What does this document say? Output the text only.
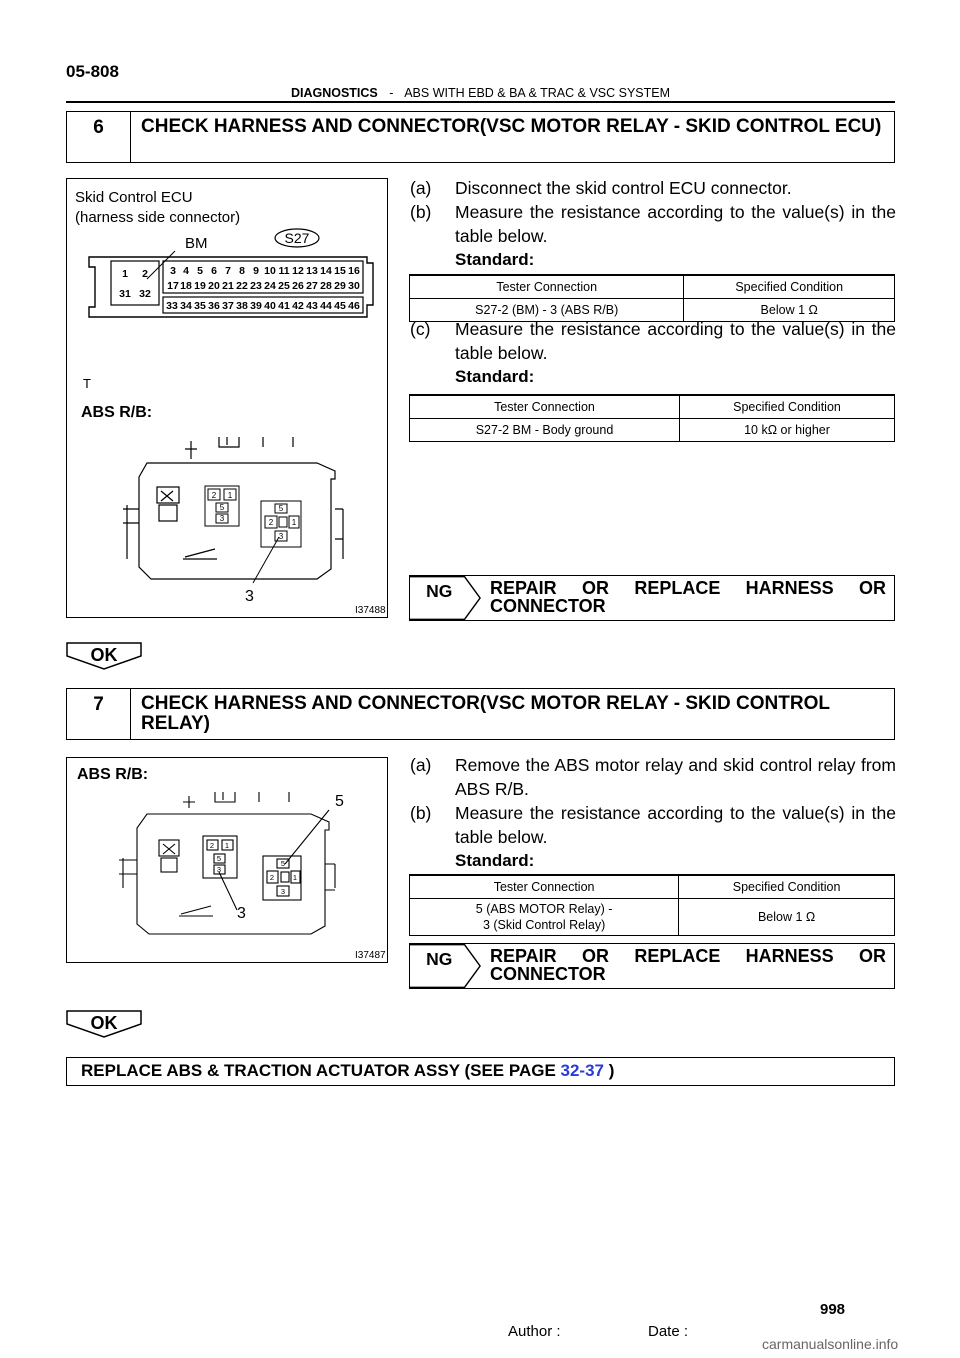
05-808
DIAGNOSTICS - ABS WITH EBD & BA & TRAC & VSC SYSTEM
6	CHECK HARNESS AND CONNECTOR(VSC MOTOR RELAY - SKID CONTROL ECU)
Skid Control ECU
(harness side connector)
BM	S27
1 2
31 32
3 4 5 6 7 8 9 10 11 12 13 14 15 16
17 18 19 20 21 22 23 24 25 26 27 28 29 30
33 34 35 36 37 38 39 40 41 42 43 44 45 46
T
ABS R/B:
2 1
5
3
5
2 1
3
3
I37488
(a) Disconnect the skid control ECU connector.
(b) Measure the resistance according to the value(s) in the table below.
Standard:
Tester Connection	Specified Condition
S27-2 (BM) - 3 (ABS R/B)	Below 1 Ω
(c) Measure the resistance according to the value(s) in the table below.
Standard:
Tester Connection	Specified Condition
S27-2 BM - Body ground	10 kΩ or higher
NG REPAIR OR REPLACE HARNESS OR
CONNECTOR
OK
7	CHECK HARNESS AND CONNECTOR(VSC MOTOR RELAY - SKID CONTROL RELAY)
ABS R/B:
5
2 1
5
3
5
2	1
3
3
I37487
(a) Remove the ABS motor relay and skid control relay from ABS R/B.
(b) Measure the resistance according to the value(s) in the table below.
Standard:
Tester Connection	Specified Condition

5 (ABS MOTOR Relay) -
3 (Skid Control Relay)	Below 1 Ω
NG REPAIR OR REPLACE HARNESS OR
CONNECTOR
OK
REPLACE ABS & TRACTION ACTUATOR ASSY (SEE PAGE 32-37 )
998
Author :	Date :
carmanualsonline.info
